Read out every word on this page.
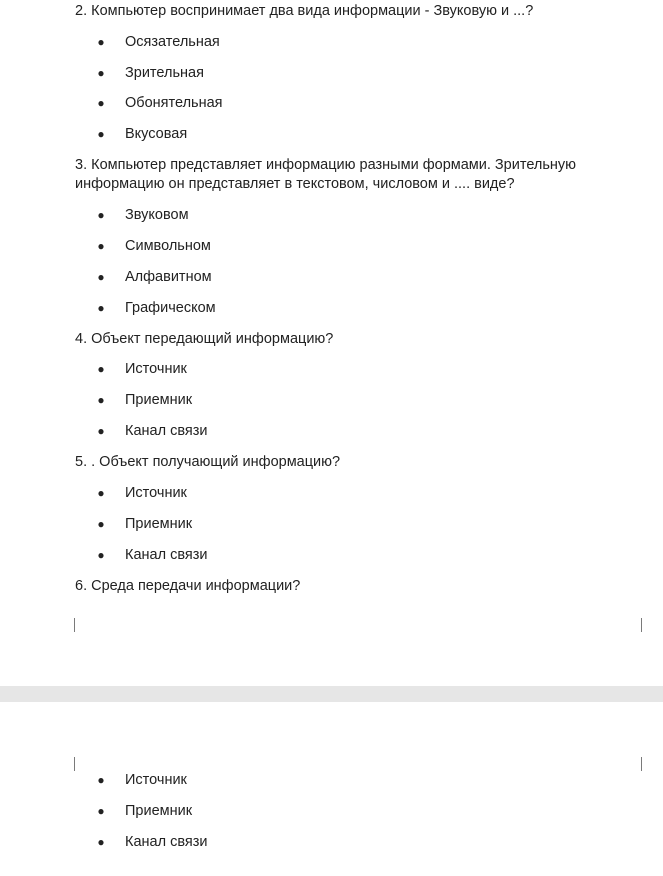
2. Компьютер воспринимает два вида информации - Звуковую и ...?
● Осязательная
● Зрительная
● Обонятельная
● Вкусовая
3. Компьютер представляет информацию разными формами. Зрительную информацию он представляет в текстовом, числовом и .... виде?
● Звуковом
● Символьном
● Алфавитном
● Графическом
4. Объект передающий информацию?
● Источник
● Приемник
● Канал связи
5. . Объект получающий информацию?
● Источник
● Приемник
● Канал связи
6. Среда передачи информации?
● Источник
● Приемник
● Канал связи
